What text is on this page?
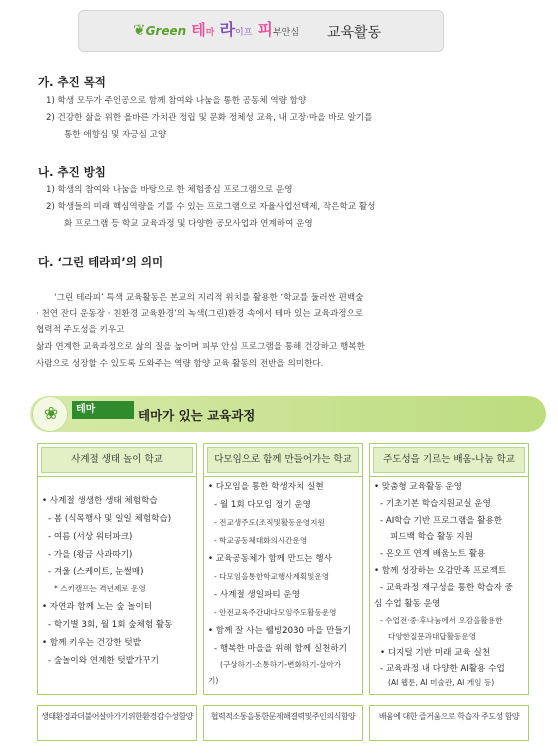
❦Green 테마 라이프 피부안심 교육활동
가. 추진 목적
1) 학생 모두가 주인공으로 함께 참여와 나눔을 통한 공동체 역량 함양
2) 건강한 삶을 위한 올바른 가치관 정립 및 문화 정체성 교육, 내 고장·마을 바로 알기를
통한 애향심 및 자긍심 고양
나. 추진 방침
1) 학생의 참여와 나눔을 바탕으로 한 체험중심 프로그램으로 운영
2) 학생들의 미래 핵심역량을 기를 수 있는 프로그램으로 자율사업선택제, 작은학교 활성
화 프로그램 등 학교 교육과정 및 다양한 공모사업과 연계하여 운영
다. ‘그린 테라피’의 의미
‘그린 테라피’ 특색 교육활동은 본교의 지리적 위치를 활용한 ‘학교를 둘러싼 편백숲
· 천연 잔디 운동장 · 친환경 교육환경’의 녹색(그린)환경 속에서 테마 있는 교육과정으로
협력적 주도성을 키우고
삶과 연계한 교육과정으로 삶의 질을 높이며 피부 안심 프로그램을 통해 건강하고 행복한
사람으로 성장할 수 있도록 도와주는 역량 함양 교육 활동의 전반을 의미한다.
❀	테마	테마가 있는 교육과정
사계절 생태 놀이 학교
• 사계절 생생한 생태 체험학습
- 봄 (식목행사 및 일일 체험학습)
- 여름 (서상 워터파크)
- 가을 (왕금 사과따기)
- 겨울 (스케이트, 눈썰매)
* 스키캠프는 격년제로 운영
• 자연과 함께 노는 숲 놀이터
- 학기별 3회, 월 1회 숲체험 활동
• 함께 키우는 건강한 텃밭
- 숲놀이와 연계한 텃밭가꾸기
다모임으로 함께 만들어가는 학교
• 다모임을 통한 학생자치 실현
- 월 1회 다모임 정기 운영
- 전교생주도(조직및활동운영지원
- 학교공동체대화의시간운영
• 교육공동체가 함께 만드는 행사
- 다모임을통한학교행사계획및운영
- 사계절 생일파티 운영
- 안전교육주간내다모임주도활동운영
• 함께 잘 사는 웰빙2030 마을 만들기
- 행복한 마을을 위해 함께 실천하기
(구상하기-소통하기-변화하기-살아가
기)
주도성을 기르는 배움-나눔 학교
• 맞춤형 교육활동 운영
- 기초기본 학습지원교실 운영
- AI학습 기반 프로그램을 활용한
피드백 학습 활동 지원
- 온오프 연계 배움노트 활용
• 함께 성장하는 오감만족 프로젝트
- 교육과정 재구성을 통한 학습자 중
심 수업 활동 운영
- 수업전·중·후나눔에서 오감을활용한
다양한질문과대답활동운영
• 디지털 기반 미래 교육 실천
- 교육과정 내 다양한 AI활용 수업
(AI 웹툰, AI 미술관, AI 게임 등)
생태환경과더불어살아가기위한환경감수성함양	협력적소통을통한문제해결력및주인의식함양	배움에 대한 즐거움으로 학습자 주도성 함양
